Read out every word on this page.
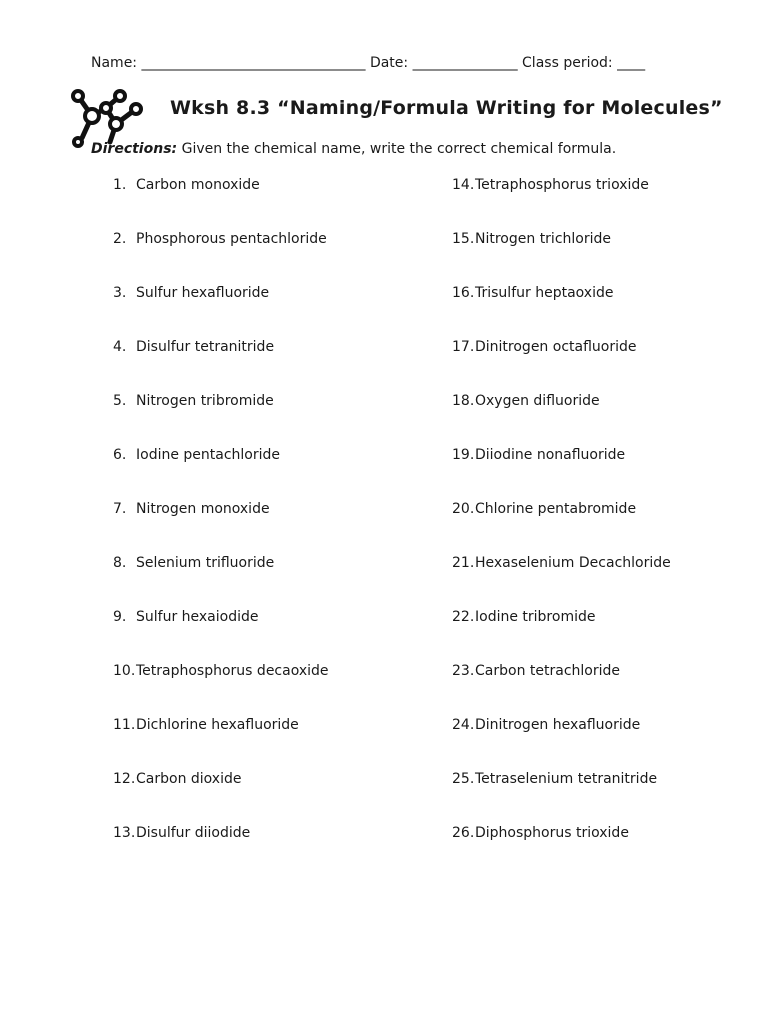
Name: ________________________________ Date: _______________ Class period: ____
Wksh 8.3 “Naming/Formula Writing for Molecules”
Directions: Given the chemical name, write the correct chemical formula.
1. Carbon monoxide
2. Phosphorous pentachloride
3. Sulfur hexafluoride
4. Disulfur tetranitride
5. Nitrogen tribromide
6. Iodine pentachloride
7. Nitrogen monoxide
8. Selenium trifluoride
9. Sulfur hexaiodide
10. Tetraphosphorus decaoxide
11. Dichlorine hexafluoride
12. Carbon dioxide
13. Disulfur diiodide
14. Tetraphosphorus trioxide
15. Nitrogen trichloride
16. Trisulfur heptaoxide
17. Dinitrogen octafluoride
18. Oxygen difluoride
19. Diiodine nonafluoride
20. Chlorine pentabromide
21. Hexaselenium Decachloride
22. Iodine tribromide
23. Carbon tetrachloride
24. Dinitrogen hexafluoride
25. Tetraselenium tetranitride
26. Diphosphorus trioxide
